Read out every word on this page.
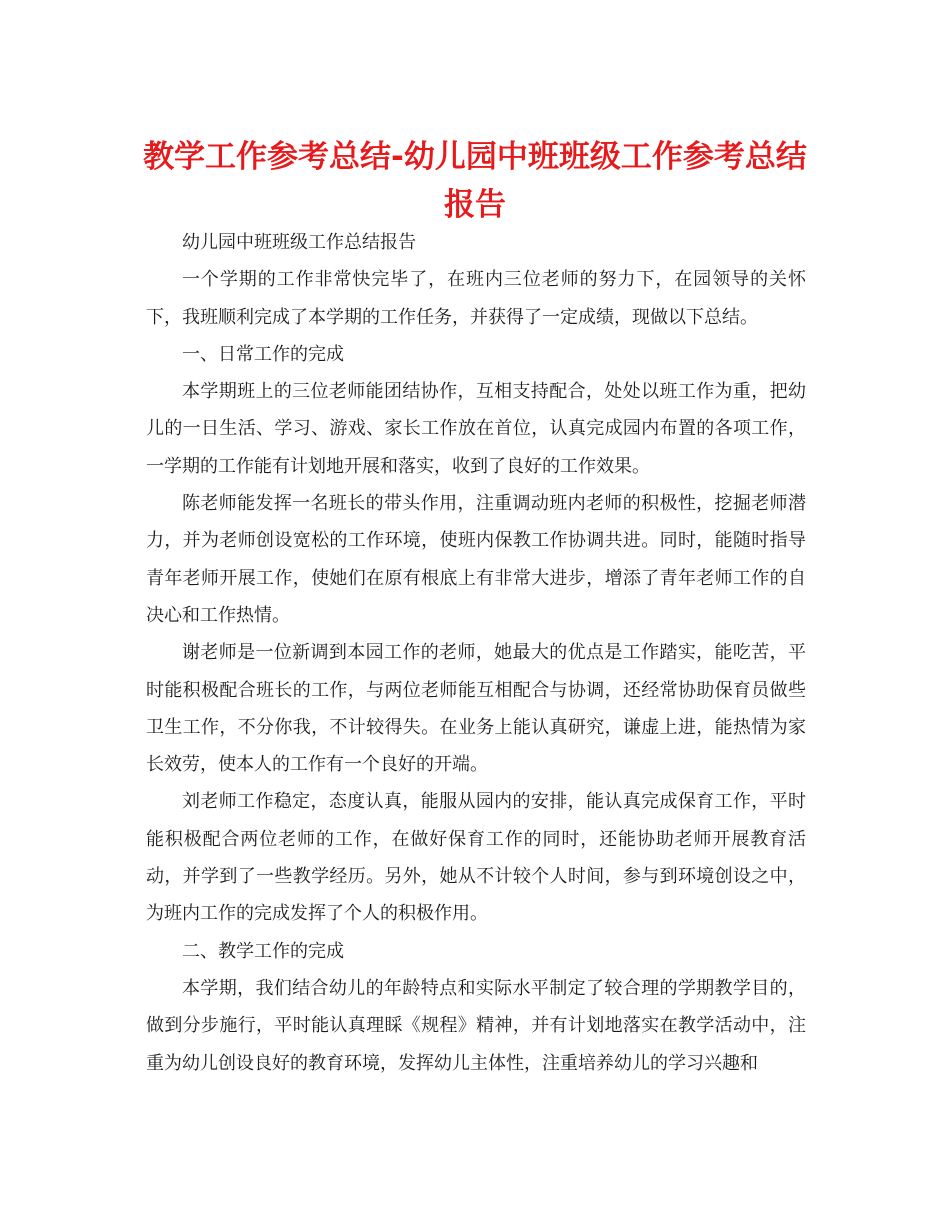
教学工作参考总结-幼儿园中班班级工作参考总结报告

幼儿园中班班级工作总结报告

一个学期的工作非常快完毕了，在班内三位老师的努力下，在园领导的关怀下，我班顺利完成了本学期的工作任务，并获得了一定成绩，现做以下总结。

一、日常工作的完成

本学期班上的三位老师能团结协作，互相支持配合，处处以班工作为重，把幼儿的一日生活、学习、游戏、家长工作放在首位，认真完成园内布置的各项工作，一学期的工作能有计划地开展和落实，收到了良好的工作效果。

陈老师能发挥一名班长的带头作用，注重调动班内老师的积极性，挖掘老师潜力，并为老师创设宽松的工作环境，使班内保教工作协调共进。同时，能随时指导青年老师开展工作，使她们在原有根底上有非常大进步，增添了青年老师工作的自决心和工作热情。

谢老师是一位新调到本园工作的老师，她最大的优点是工作踏实，能吃苦，平时能积极配合班长的工作，与两位老师能互相配合与协调，还经常协助保育员做些卫生工作，不分你我，不计较得失。在业务上能认真研究，谦虚上进，能热情为家长效劳，使本人的工作有一个良好的开端。

刘老师工作稳定，态度认真，能服从园内的安排，能认真完成保育工作，平时能积极配合两位老师的工作，在做好保育工作的同时，还能协助老师开展教育活动，并学到了一些教学经历。另外，她从不计较个人时间，参与到环境创设之中，为班内工作的完成发挥了个人的积极作用。

二、教学工作的完成

本学期，我们结合幼儿的年龄特点和实际水平制定了较合理的学期教学目的，做到分步施行，平时能认真理睬《规程》精神，并有计划地落实在教学活动中，注重为幼儿创设良好的教育环境，发挥幼儿主体性，注重培养幼儿的学习兴趣和
